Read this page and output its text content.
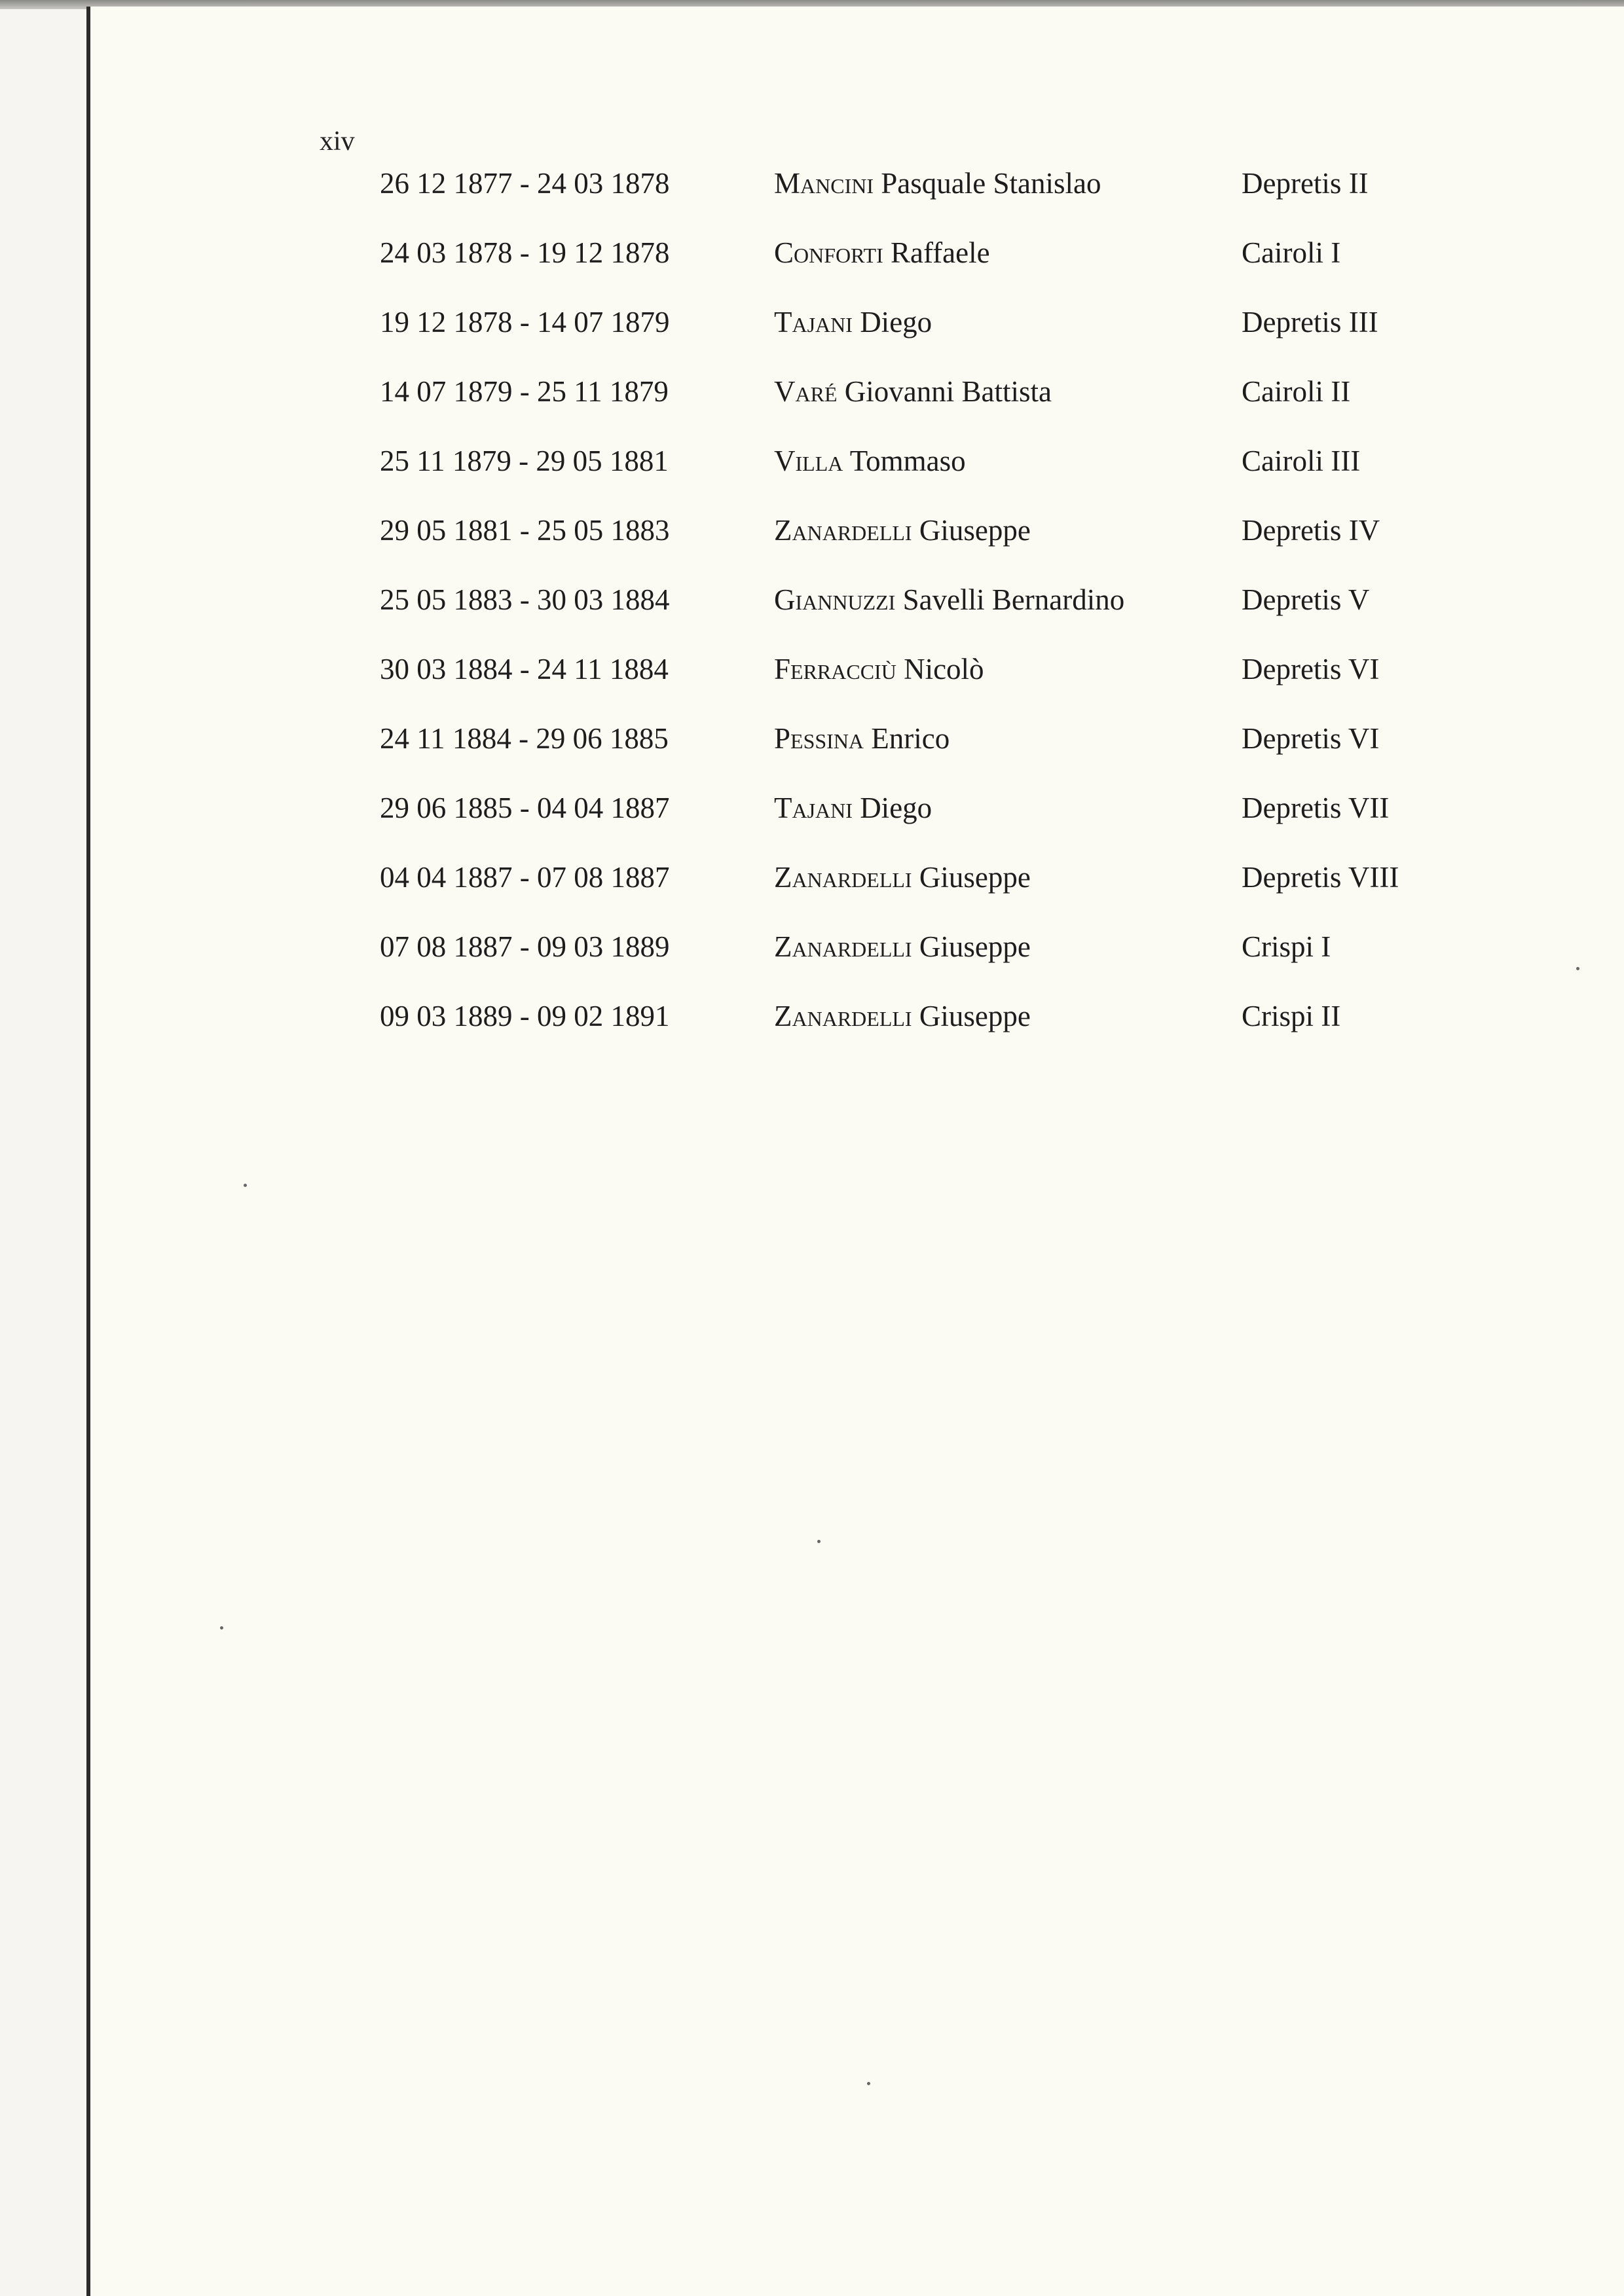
xiv
26 12 1877 - 24 03 1878	Mancini Pasquale Stanislao	Depretis II
24 03 1878 - 19 12 1878	Conforti Raffaele	Cairoli I
19 12 1878 - 14 07 1879	Tajani Diego	Depretis III
14 07 1879 - 25 11 1879	Varé Giovanni Battista	Cairoli II
25 11 1879 - 29 05 1881	Villa Tommaso	Cairoli III
29 05 1881 - 25 05 1883	Zanardelli Giuseppe	Depretis IV
25 05 1883 - 30 03 1884	Giannuzzi Savelli Bernardino	Depretis V
30 03 1884 - 24 11 1884	Ferracciù Nicolò	Depretis VI
24 11 1884 - 29 06 1885	Pessina Enrico	Depretis VI
29 06 1885 - 04 04 1887	Tajani Diego	Depretis VII
04 04 1887 - 07 08 1887	Zanardelli Giuseppe	Depretis VIII
07 08 1887 - 09 03 1889	Zanardelli Giuseppe	Crispi I
09 03 1889 - 09 02 1891	Zanardelli Giuseppe	Crispi II
